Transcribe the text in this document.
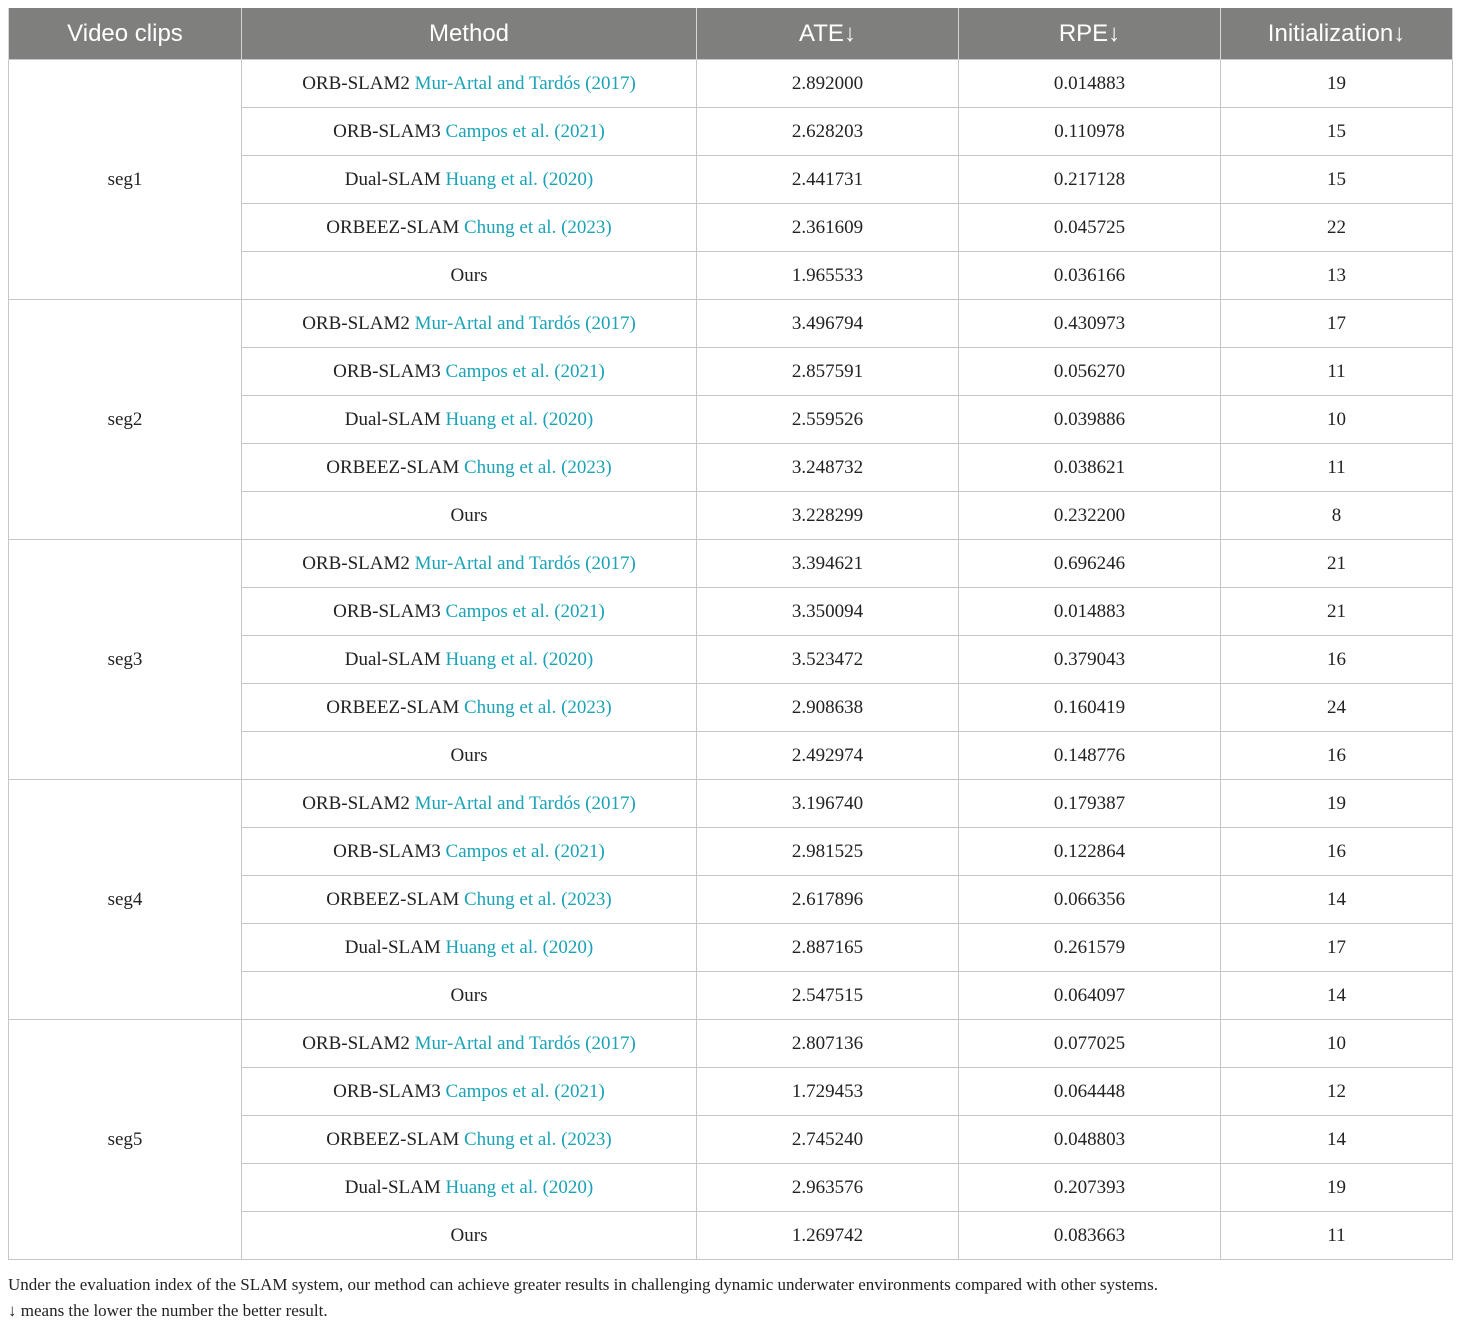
Video clips	Method	ATE↓	RPE↓	Initialization↓
seg1	ORB-SLAM2 Mur-Artal and Tardós (2017)	2.892000	0.014883	19
	ORB-SLAM3 Campos et al. (2021)	2.628203	0.110978	15
	Dual-SLAM Huang et al. (2020)	2.441731	0.217128	15
	ORBEEZ-SLAM Chung et al. (2023)	2.361609	0.045725	22
	Ours	1.965533	0.036166	13
seg2	ORB-SLAM2 Mur-Artal and Tardós (2017)	3.496794	0.430973	17
	ORB-SLAM3 Campos et al. (2021)	2.857591	0.056270	11
	Dual-SLAM Huang et al. (2020)	2.559526	0.039886	10
	ORBEEZ-SLAM Chung et al. (2023)	3.248732	0.038621	11
	Ours	3.228299	0.232200	8
seg3	ORB-SLAM2 Mur-Artal and Tardós (2017)	3.394621	0.696246	21
	ORB-SLAM3 Campos et al. (2021)	3.350094	0.014883	21
	Dual-SLAM Huang et al. (2020)	3.523472	0.379043	16
	ORBEEZ-SLAM Chung et al. (2023)	2.908638	0.160419	24
	Ours	2.492974	0.148776	16
seg4	ORB-SLAM2 Mur-Artal and Tardós (2017)	3.196740	0.179387	19
	ORB-SLAM3 Campos et al. (2021)	2.981525	0.122864	16
	ORBEEZ-SLAM Chung et al. (2023)	2.617896	0.066356	14
	Dual-SLAM Huang et al. (2020)	2.887165	0.261579	17
	Ours	2.547515	0.064097	14
seg5	ORB-SLAM2 Mur-Artal and Tardós (2017)	2.807136	0.077025	10
	ORB-SLAM3 Campos et al. (2021)	1.729453	0.064448	12
	ORBEEZ-SLAM Chung et al. (2023)	2.745240	0.048803	14
	Dual-SLAM Huang et al. (2020)	2.963576	0.207393	19
	Ours	1.269742	0.083663	11
Under the evaluation index of the SLAM system, our method can achieve greater results in challenging dynamic underwater environments compared with other systems.
↓ means the lower the number the better result.
